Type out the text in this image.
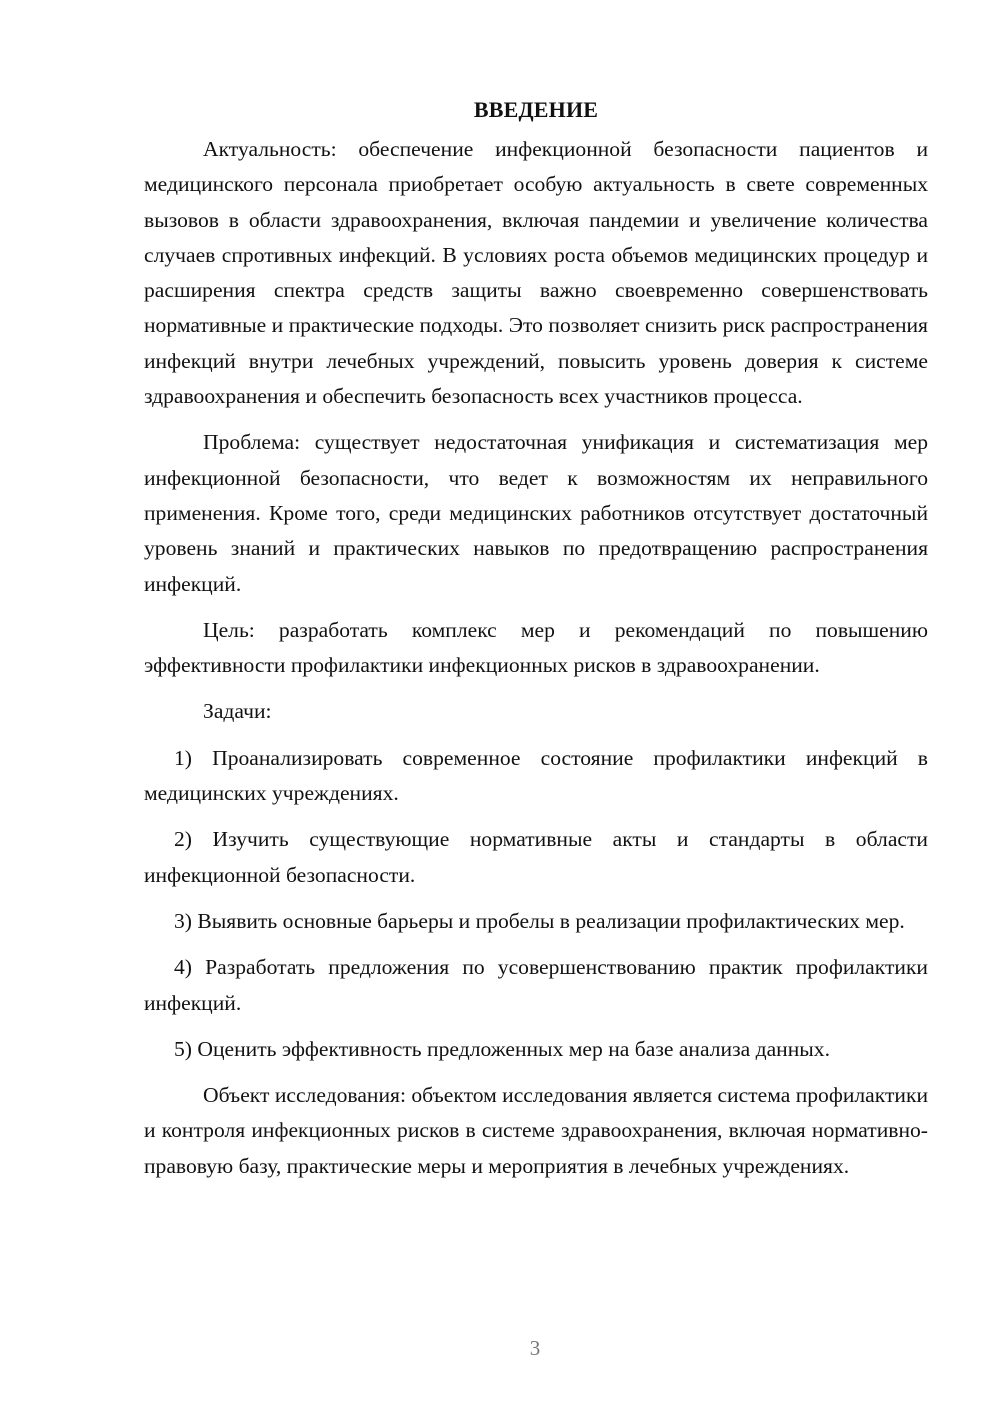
ВВЕДЕНИЕ

Актуальность: обеспечение инфекционной безопасности пациентов и медицинского персонала приобретает особую актуальность в свете современных вызовов в области здравоохранения, включая пандемии и увеличение количества случаев спротивных инфекций. В условиях роста объемов медицинских процедур и расширения спектра средств защиты важно своевременно совершенствовать нормативные и практические подходы. Это позволяет снизить риск распространения инфекций внутри лечебных учреждений, повысить уровень доверия к системе здравоохранения и обеспечить безопасность всех участников процесса.

Проблема: существует недостаточная унификация и систематизация мер инфекционной безопасности, что ведет к возможностям их неправильного применения. Кроме того, среди медицинских работников отсутствует достаточный уровень знаний и практических навыков по предотвращению распространения инфекций.

Цель: разработать комплекс мер и рекомендаций по повышению эффективности профилактики инфекционных рисков в здравоохранении.

Задачи:

1) Проанализировать современное состояние профилактики инфекций в медицинских учреждениях.

2) Изучить существующие нормативные акты и стандарты в области инфекционной безопасности.

3) Выявить основные барьеры и пробелы в реализации профилактических мер.

4) Разработать предложения по усовершенствованию практик профилактики инфекций.

5) Оценить эффективность предложенных мер на базе анализа данных.

Объект исследования: объектом исследования является система профилактики и контроля инфекционных рисков в системе здравоохранения, включая нормативно-правовую базу, практические меры и мероприятия в лечебных учреждениях.

3
